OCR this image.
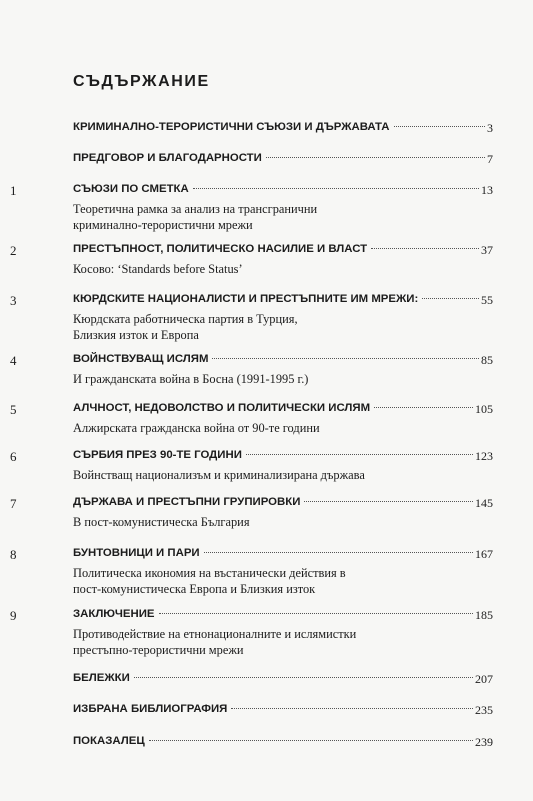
СЪДЪРЖАНИЕ
КРИМИНАЛНО-ТЕРОРИСТИЧНИ СЪЮЗИ И ДЪРЖАВАТА	3
ПРЕДГОВОР И БЛАГОДАРНОСТИ	7
1	СЪЮЗИ ПО СМЕТКА	13
Теоретична рамка за анализ на трансгранични
криминално-терористични мрежи
2	ПРЕСТЪПНОСТ, ПОЛИТИЧЕСКО НАСИЛИЕ И ВЛАСТ	37
Косово: ‘Standards before Status’
3	КЮРДСКИТЕ НАЦИОНАЛИСТИ И ПРЕСТЪПНИТЕ ИМ МРЕЖИ:	55
Кюрдската работническа партия в Турция,
Близкия изток и Европа
4	ВОЙНСТВУВАЩ ИСЛЯМ	85
И гражданската война в Босна (1991-1995 г.)
5	АЛЧНОСТ, НЕДОВОЛСТВО И ПОЛИТИЧЕСКИ ИСЛЯМ	105
Алжирската гражданска война от 90-те години
6	СЪРБИЯ ПРЕЗ 90-ТЕ ГОДИНИ	123
Войнстващ национализъм и криминализирана държава
7	ДЪРЖАВА И ПРЕСТЪПНИ ГРУПИРОВКИ	145
В пост-комунистическа България
8	БУНТОВНИЦИ И ПАРИ	167
Политическа икономия на въстанически действия в
пост-комунистическа Европа и Близкия изток
9	ЗАКЛЮЧЕНИЕ	185
Противодействие на етнонационалните и ислямистки
престъпно-терористични мрежи
БЕЛЕЖКИ	207
ИЗБРАНА БИБЛИОГРАФИЯ	235
ПОКАЗАЛЕЦ	239
